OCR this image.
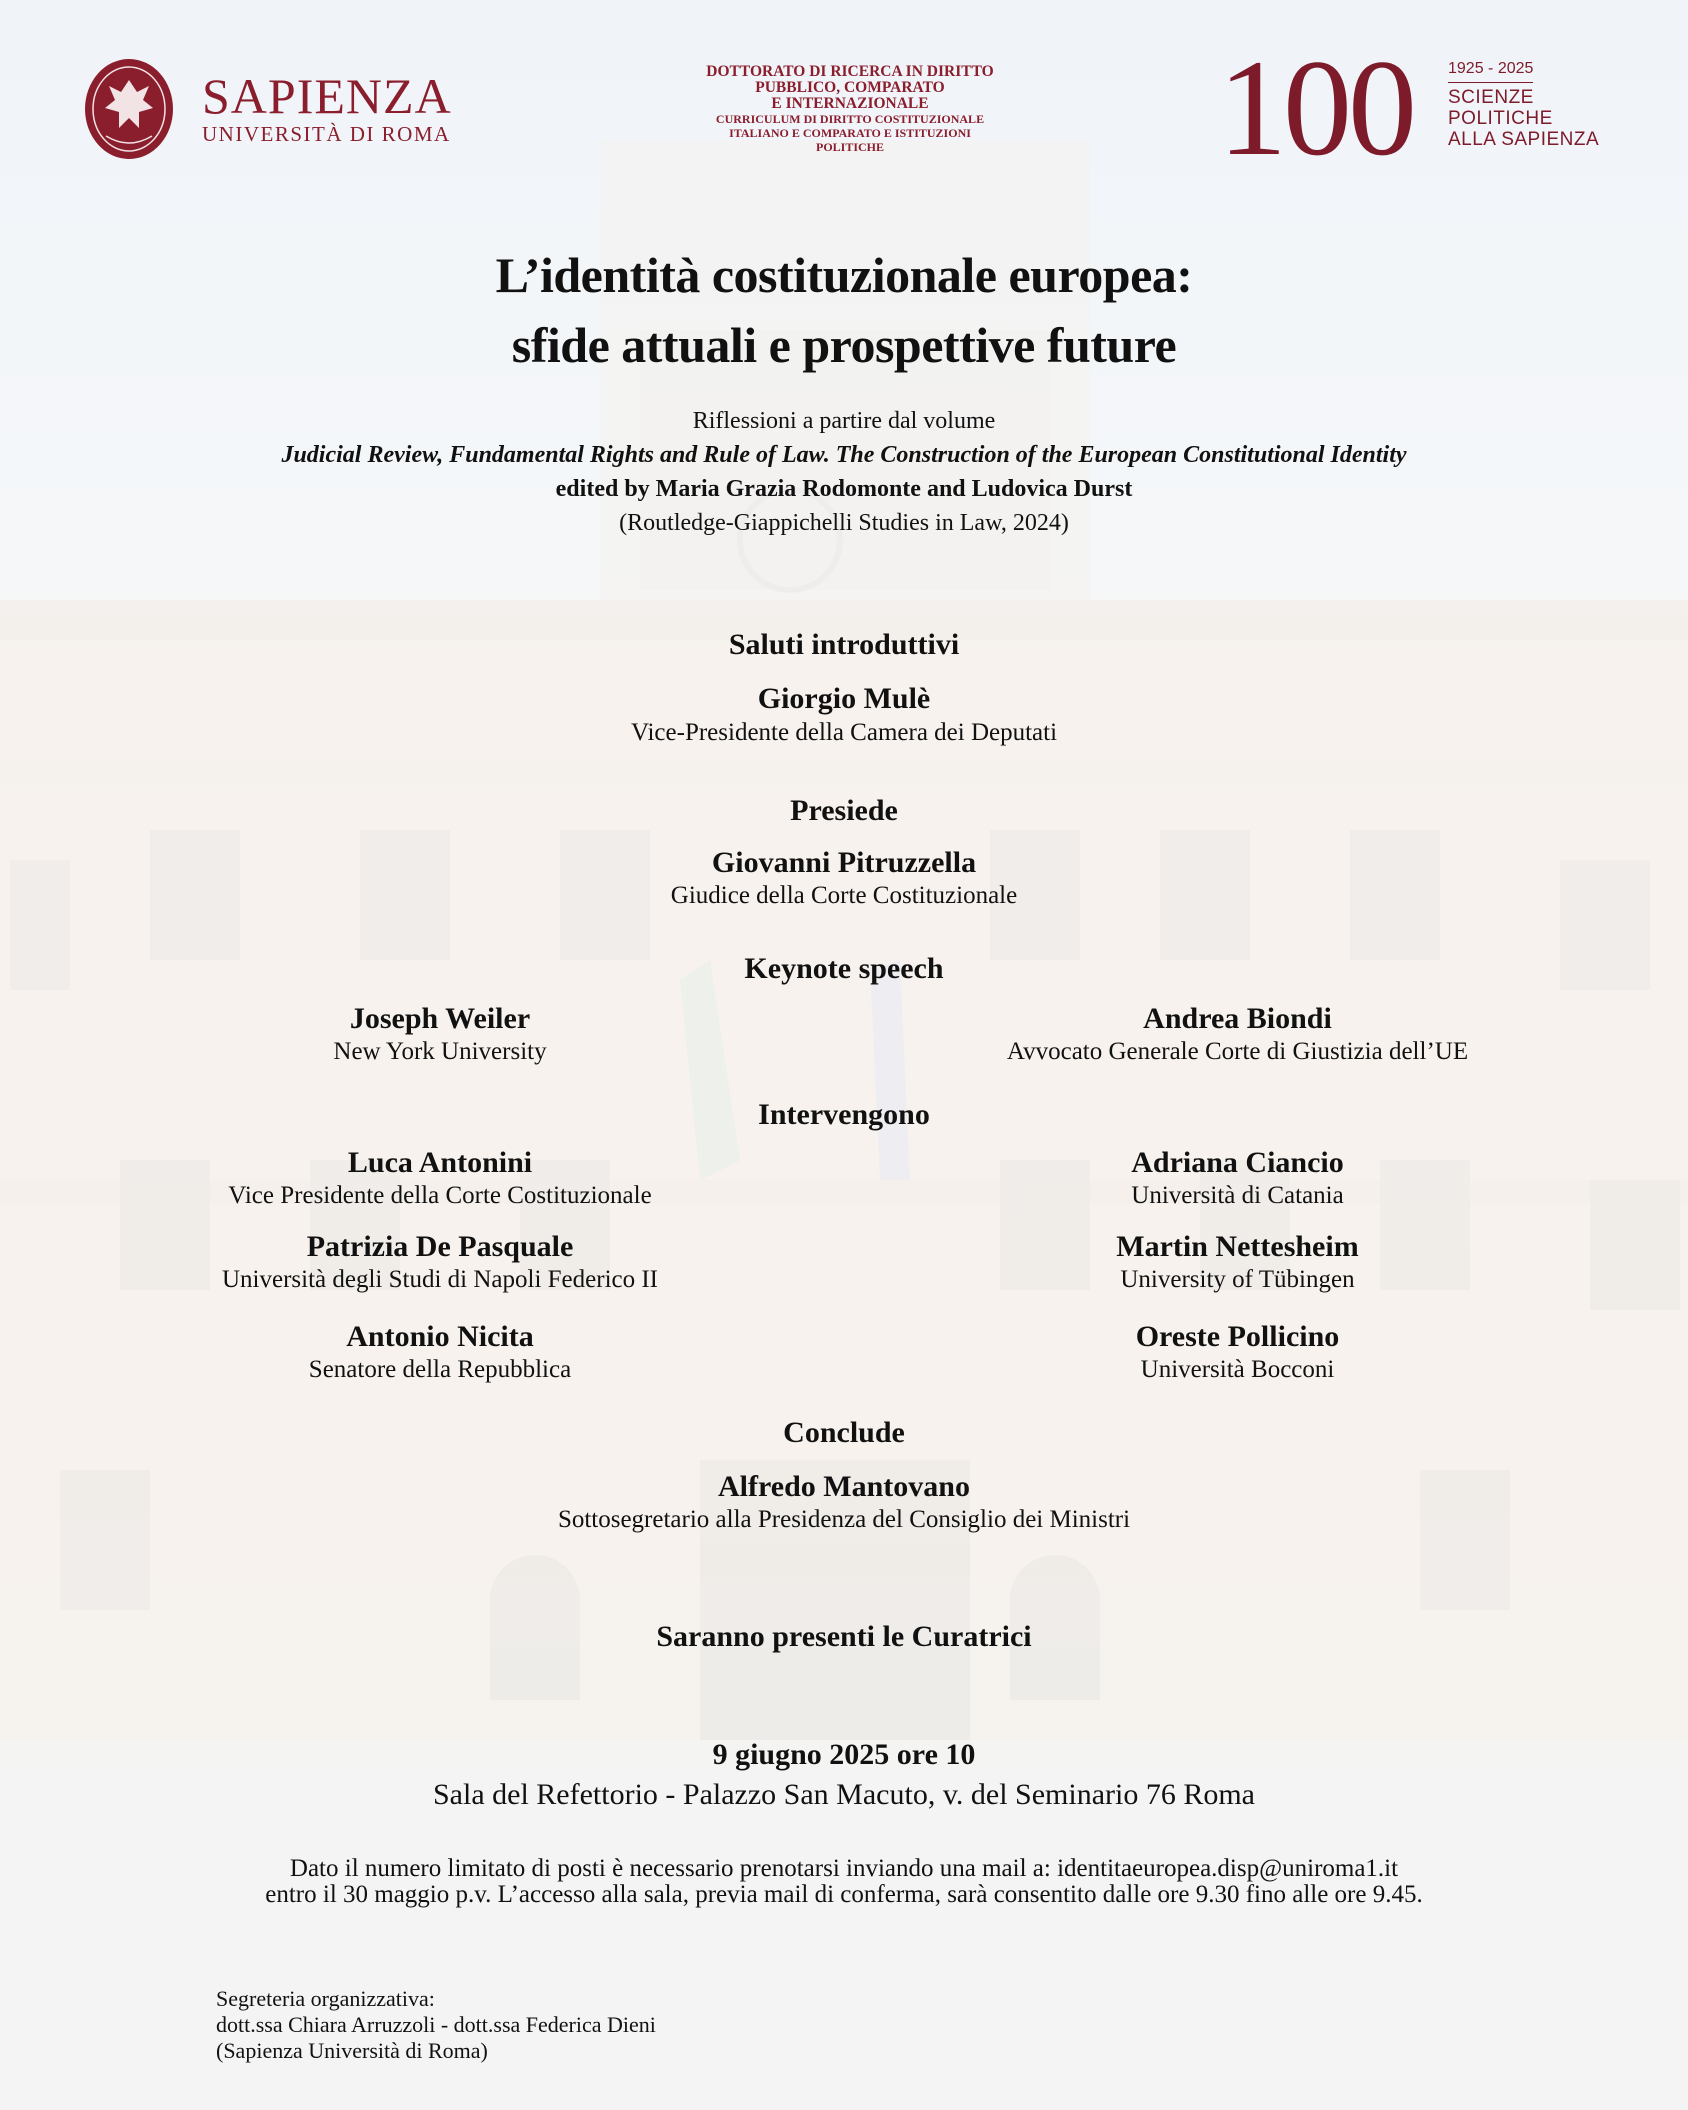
SAPIENZA
UNIVERSITÀ DI ROMA
DOTTORATO DI RICERCA IN DIRITTO
PUBBLICO, COMPARATO
E INTERNAZIONALE
CURRICULUM DI DIRITTO COSTITUZIONALE
ITALIANO E COMPARATO E ISTITUZIONI
POLITICHE	100 1925 - 2025
SCIENZE
POLITICHE
ALLA SAPIENZA
L’identità costituzionale europea:
sfide attuali e prospettive future
Riflessioni a partire dal volume
Judicial Review, Fundamental Rights and Rule of Law. The Construction of the European Constitutional Identity
edited by Maria Grazia Rodomonte and Ludovica Durst
(Routledge-Giappichelli Studies in Law, 2024)
Saluti introduttivi
Giorgio Mulè
Vice-Presidente della Camera dei Deputati
Presiede
Giovanni Pitruzzella
Giudice della Corte Costituzionale
Keynote speech
Joseph Weiler
New York University
Andrea Biondi
Avvocato Generale Corte di Giustizia dell’UE
Intervengono
Luca Antonini
Vice Presidente della Corte Costituzionale
Patrizia De Pasquale
Università degli Studi di Napoli Federico II
Antonio Nicita
Senatore della Repubblica
Adriana Ciancio
Università di Catania
Martin Nettesheim
University of Tübingen
Oreste Pollicino
Università Bocconi
Conclude
Alfredo Mantovano
Sottosegretario alla Presidenza del Consiglio dei Ministri
Saranno presenti le Curatrici
9 giugno 2025 ore 10
Sala del Refettorio - Palazzo San Macuto, v. del Seminario 76 Roma
Dato il numero limitato di posti è necessario prenotarsi inviando una mail a: identitaeuropea.disp@uniroma1.it
entro il 30 maggio p.v. L’accesso alla sala, previa mail di conferma, sarà consentito dalle ore 9.30 fino alle ore 9.45.
Segreteria organizzativa:
dott.ssa Chiara Arruzzoli - dott.ssa Federica Dieni
(Sapienza Università di Roma)
